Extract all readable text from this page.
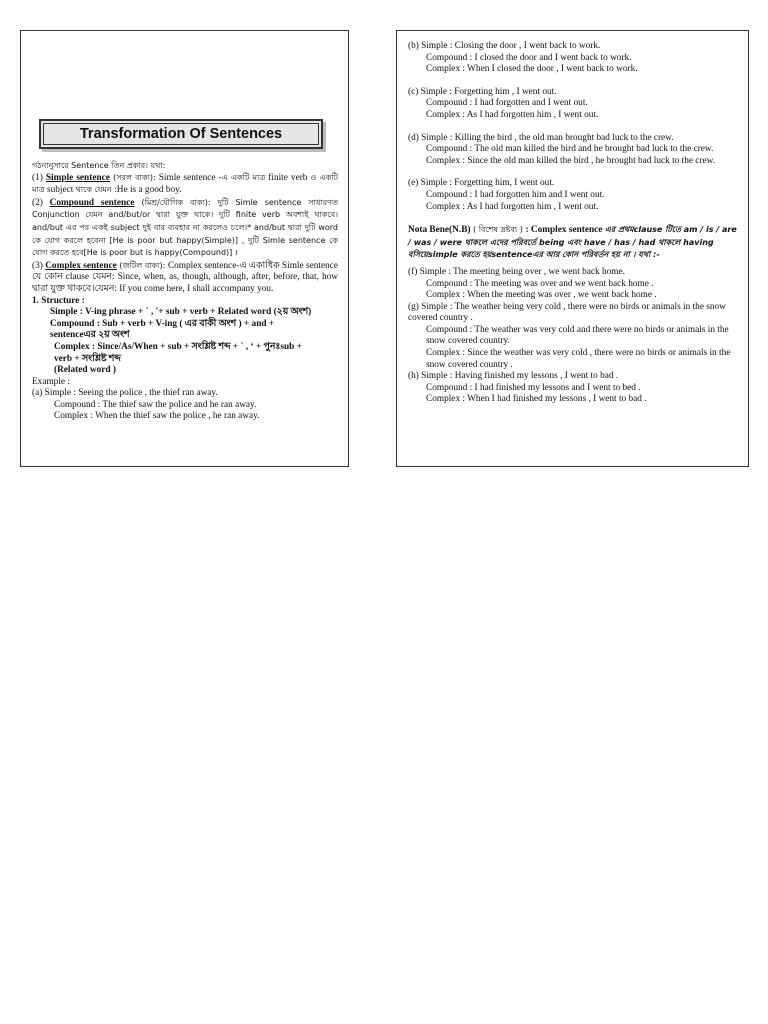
Transformation Of Sentences

গঠনানুসারে Sentence তিন প্রকার। যথা:

(1) Simple sentence (সরল বাক্য): Simle sentence -এ একটি মাত্র finite verb ও একটি মাত্র subject থাকে যেমন :He is a good boy.

(2) Compound sentence (মিশ্র/যৌগিক বাক্য): দুটি Simle sentence সাধারণত Conjunction যেমন and/but/or দ্বারা যুক্ত থাকে। দুটি finite verb অবশ্যই থাকবে। and/but এর পর একই subject দুই বার ব্যবহার না করলেও চলে।* and/but দ্বারা দুটি word কে যোগ করলে হবেনা [He is poor but happy(Simple)] , দুটি Simle sentence কে যোগ করতে হবে[He is poor but is happy(Compound)] ।

(3) Complex sentence (জটিল বাক্য): Complex sentence-এ একাধিক Simle sentence যে কোন clause যেমন: Since, when, as, though, although, after, before, that, how দ্বারা যুক্ত থাকবে।যেমন: If you come here, I shall accompany you.

1. Structure :

Simple : V-ing phrase + ` , '+ sub + verb + Related word (২য় অংশ)

Compound : Sub + verb + V-ing ( এর বাকী অংশ ) + and +

sentenceএর ২য় অংশ

Complex : Since/As/When + sub + সংশ্লিষ্ট শব্দ + ` , ‘ + পুনঃsub +

verb + সংশ্লিষ্ট শব্দ

(Related word )

Example :

(a) Simple : Seeing the police , the thief ran away.

Compound : The thief saw the police and he ran away.

Complex : When the thief saw the police , he ran away.

(b) Simple : Closing the door , I went back to work.

Compound : I closed the door and I went back to work.

Complex : When I closed the door , I went back to work.

(c) Simple : Forgetting him , I went out.

Compound : I had forgotten and I went out.

Complex : As I had forgotten him , I went out.

(d) Simple : Killing the bird , the old man brought bad luck to the crew.

Compound : The old man killed the bird and he brought bad luck to the crew.

Complex : Since the old man killed the bird , he brought bad luck to the crew.

(e) Simple : Forgetting him, I went out.

Compound : I had forgotten him and I went out.

Complex : As I had forgotten him , I went out.

Nota Bene(N.B) ( বিশেষ দ্রষ্টব্য ) : Complex sentence এর প্রথমclause টিতে am / is / are / was / were থাকলে এদের পরিবর্তে being এবং have / has / had থাকলে having বসিয়েsimple করতে হয়sentenceএর আর কোন পরিবর্তন হয় না । যথা :-

(f) Simple : The meeting being over , we went back home.

Compound : The meeting was over and we went back home .

Complex : When the meeting was over , we went back home .

(g) Simple : The weather being very cold , there were no birds or animals in the snow covered country .

Compound : The weather was very cold and there were no birds or animals in the snow covered country.

Complex : Since the weather was very cold , there were no birds or animals in the snow covered country .

(h) Simple : Having finished my lessons , I went to bad .

Compound : I had finished my lessons and I went to bed .

Complex : When I had finished my lessons , I went to bad .
